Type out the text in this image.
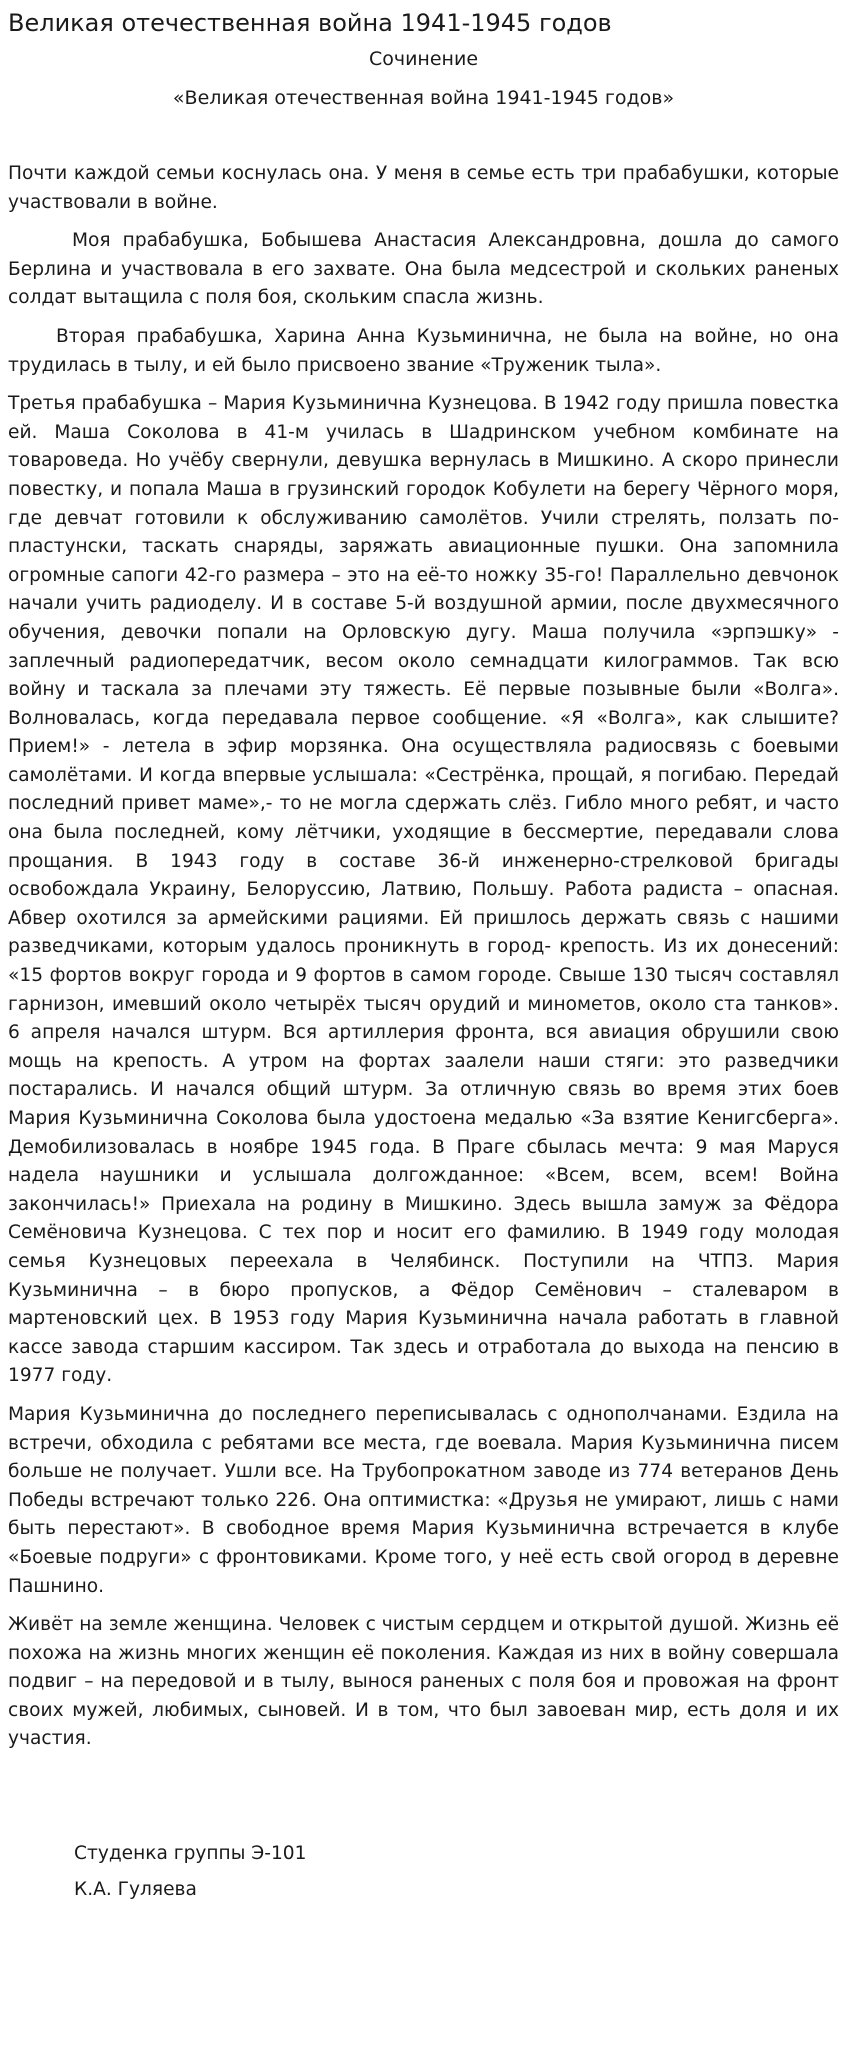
Великая отечественная война 1941-1945 годов
Сочинение
«Великая отечественная война 1941-1945 годов»

Почти каждой семьи коснулась она. У меня в семье есть три прабабушки, которые участвовали в войне.

Моя прабабушка, Бобышева Анастасия Александровна, дошла до самого Берлина и участвовала в его захвате. Она была медсестрой и скольких раненых солдат вытащила с поля боя, скольким спасла жизнь.

Вторая прабабушка, Харина Анна Кузьминична, не была на войне, но она трудилась в тылу, и ей было присвоено звание «Труженик тыла».

Третья прабабушка – Мария Кузьминична Кузнецова. В 1942 году пришла повестка ей. Маша Соколова в 41-м училась в Шадринском учебном комбинате на товароведа. Но учёбу свернули, девушка вернулась в Мишкино. А скоро принесли повестку, и попала Маша в грузинский городок Кобулети на берегу Чёрного моря, где девчат готовили к обслуживанию самолётов. Учили стрелять, ползать по-пластунски, таскать снаряды, заряжать авиационные пушки. Она запомнила огромные сапоги 42-го размера – это на её-то ножку 35-го! Параллельно девчонок начали учить радиоделу. И в составе 5-й воздушной армии, после двухмесячного обучения, девочки попали на Орловскую дугу. Маша получила «эрпэшку» - заплечный радиопередатчик, весом около семнадцати килограммов. Так всю войну и таскала за плечами эту тяжесть. Её первые позывные были «Волга». Волновалась, когда передавала первое сообщение. «Я «Волга», как слышите? Прием!» - летела в эфир морзянка. Она осуществляла радиосвязь с боевыми самолётами. И когда впервые услышала: «Сестрёнка, прощай, я погибаю. Передай последний привет маме»,- то не могла сдержать слёз. Гибло много ребят, и часто она была последней, кому лётчики, уходящие в бессмертие, передавали слова прощания. В 1943 году в составе 36-й инженерно-стрелковой бригады освобождала Украину, Белоруссию, Латвию, Польшу. Работа радиста – опасная. Абвер охотился за армейскими рациями. Ей пришлось держать связь с нашими разведчиками, которым удалось проникнуть в город- крепость. Из их донесений: «15 фортов вокруг города и 9 фортов в самом городе. Свыше 130 тысяч составлял гарнизон, имевший около четырёх тысяч орудий и минометов, около ста танков». 6 апреля начался штурм. Вся артиллерия фронта, вся авиация обрушили свою мощь на крепость. А утром на фортах заалели наши стяги: это разведчики постарались. И начался общий штурм. За отличную связь во время этих боев Мария Кузьминична Соколова была удостоена медалью «За взятие Кенигсберга». Демобилизовалась в ноябре 1945 года. В Праге сбылась мечта: 9 мая Маруся надела наушники и услышала долгожданное: «Всем, всем, всем! Война закончилась!» Приехала на родину в Мишкино. Здесь вышла замуж за Фёдора Семёновича Кузнецова. С тех пор и носит его фамилию. В 1949 году молодая семья Кузнецовых переехала в Челябинск. Поступили на ЧТПЗ. Мария Кузьминична – в бюро пропусков, а Фёдор Семёнович – сталеваром в мартеновский цех. В 1953 году Мария Кузьминична начала работать в главной кассе завода старшим кассиром. Так здесь и отработала до выхода на пенсию в 1977 году.

Мария Кузьминична до последнего переписывалась с однополчанами. Ездила на встречи, обходила с ребятами все места, где воевала. Мария Кузьминична писем больше не получает. Ушли все. На Трубопрокатном заводе из 774 ветеранов День Победы встречают только 226. Она оптимистка: «Друзья не умирают, лишь с нами быть перестают». В свободное время Мария Кузьминична встречается в клубе «Боевые подруги» с фронтовиками. Кроме того, у неё есть свой огород в деревне Пашнино.

Живёт на земле женщина. Человек с чистым сердцем и открытой душой. Жизнь её похожа на жизнь многих женщин её поколения. Каждая из них в войну совершала подвиг – на передовой и в тылу, вынося раненых с поля боя и провожая на фронт своих мужей, любимых, сыновей. И в том, что был завоеван мир, есть доля и их участия.

Студенка группы Э-101
К.А. Гуляева
